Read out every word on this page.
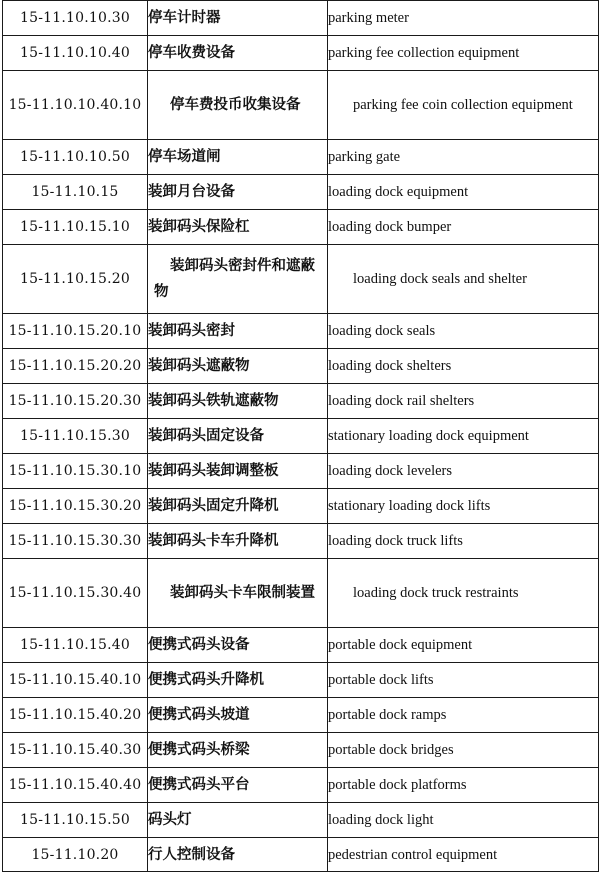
15-11.10.10.30	停车计时器	parking meter
15-11.10.10.40	停车收费设备	parking fee collection equipment
15-11.10.10.40.10	停车费投币收集设备	parking fee coin collection equipment
15-11.10.10.50	停车场道闸	parking gate
15-11.10.15	装卸月台设备	loading dock equipment
15-11.10.15.10	装卸码头保险杠	loading dock bumper
15-11.10.15.20	装卸码头密封件和遮蔽物	loading dock seals and shelter
15-11.10.15.20.10	装卸码头密封	loading dock seals
15-11.10.15.20.20	装卸码头遮蔽物	loading dock shelters
15-11.10.15.20.30	装卸码头铁轨遮蔽物	loading dock rail shelters
15-11.10.15.30	装卸码头固定设备	stationary loading dock equipment
15-11.10.15.30.10	装卸码头装卸调整板	loading dock levelers
15-11.10.15.30.20	装卸码头固定升降机	stationary loading dock lifts
15-11.10.15.30.30	装卸码头卡车升降机	loading dock truck lifts
15-11.10.15.30.40	装卸码头卡车限制装置	loading dock truck restraints
15-11.10.15.40	便携式码头设备	portable dock equipment
15-11.10.15.40.10	便携式码头升降机	portable dock lifts
15-11.10.15.40.20	便携式码头坡道	portable dock ramps
15-11.10.15.40.30	便携式码头桥梁	portable dock bridges
15-11.10.15.40.40	便携式码头平台	portable dock platforms
15-11.10.15.50	码头灯	loading dock light
15-11.10.20	行人控制设备	pedestrian control equipment
